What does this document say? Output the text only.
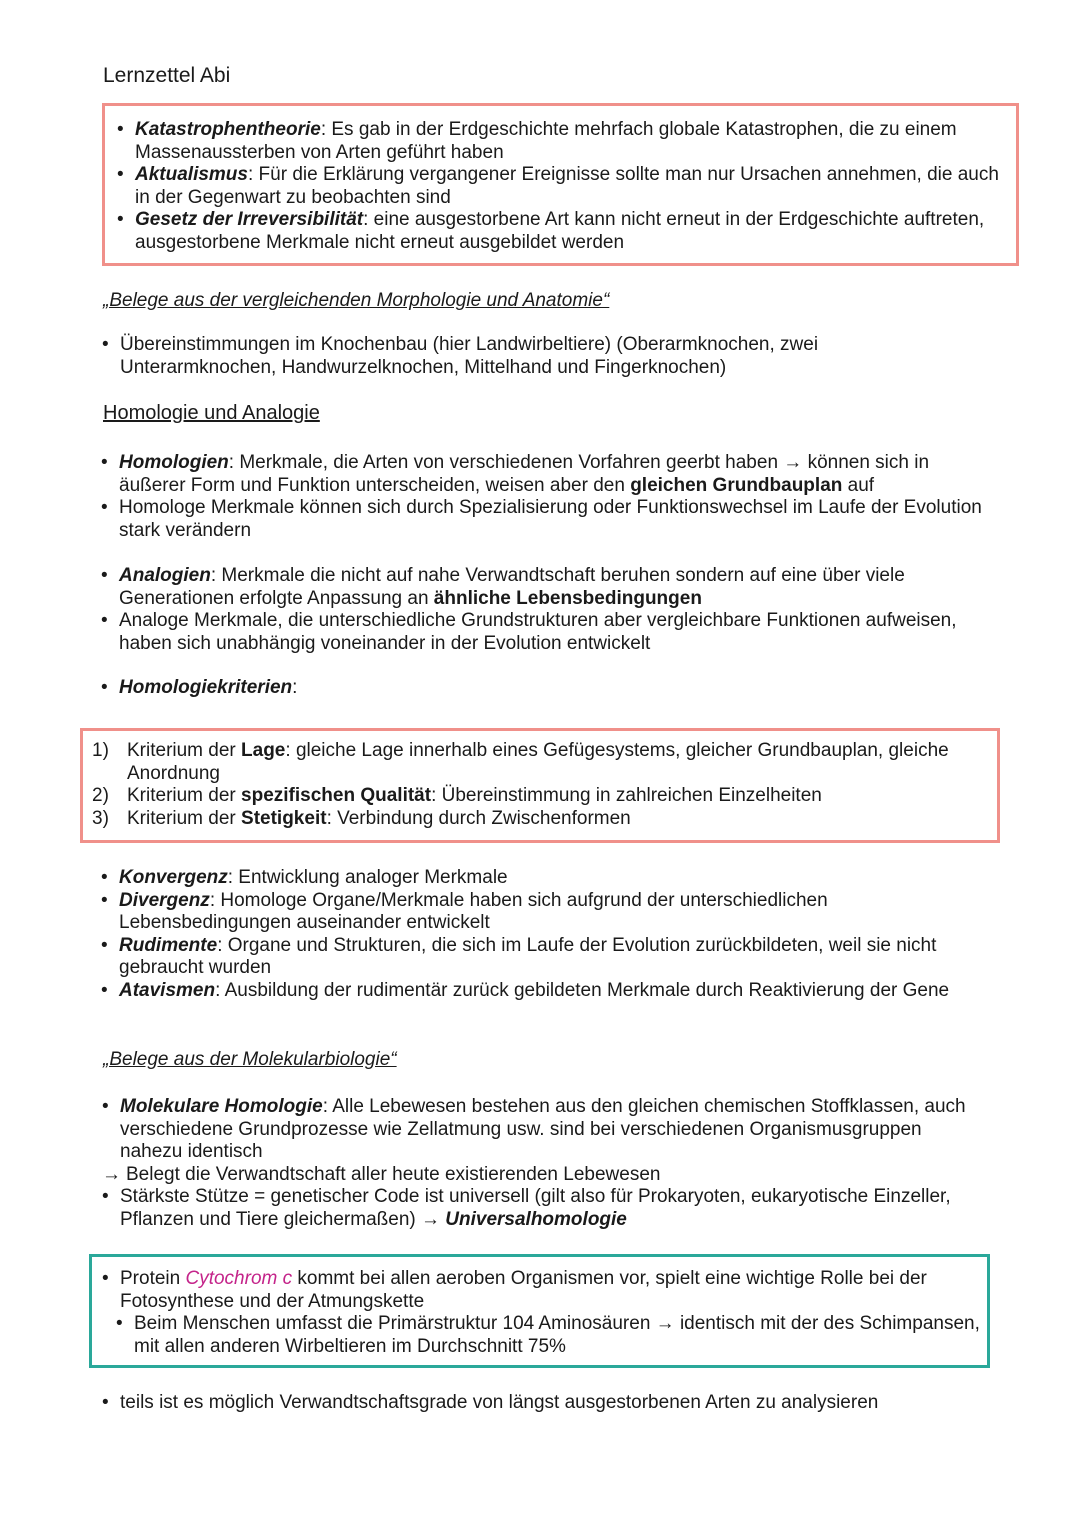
Lernzettel Abi
• Katastrophentheorie: Es gab in der Erdgeschichte mehrfach globale Katastrophen, die zu einem Massenaussterben von Arten geführt haben
• Aktualismus: Für die Erklärung vergangener Ereignisse sollte man nur Ursachen annehmen, die auch in der Gegenwart zu beobachten sind
• Gesetz der Irreversibilität: eine ausgestorbene Art kann nicht erneut in der Erdgeschichte auftreten, ausgestorbene Merkmale nicht erneut ausgebildet werden
„Belege aus der vergleichenden Morphologie und Anatomie“
• Übereinstimmungen im Knochenbau (hier Landwirbeltiere) (Oberarmknochen, zwei Unterarmknochen, Handwurzelknochen, Mittelhand und Fingerknochen)
Homologie und Analogie
• Homologien: Merkmale, die Arten von verschiedenen Vorfahren geerbt haben → können sich in äußerer Form und Funktion unterscheiden, weisen aber den gleichen Grundbauplan auf
• Homologe Merkmale können sich durch Spezialisierung oder Funktionswechsel im Laufe der Evolution stark verändern
• Analogien: Merkmale die nicht auf nahe Verwandtschaft beruhen sondern auf eine über viele Generationen erfolgte Anpassung an ähnliche Lebensbedingungen
• Analoge Merkmale, die unterschiedliche Grundstrukturen aber vergleichbare Funktionen aufweisen, haben sich unabhängig voneinander in der Evolution entwickelt
• Homologiekriterien:
1) Kriterium der Lage: gleiche Lage innerhalb eines Gefügesystems, gleicher Grundbauplan, gleiche Anordnung
2) Kriterium der spezifischen Qualität: Übereinstimmung in zahlreichen Einzelheiten
3) Kriterium der Stetigkeit: Verbindung durch Zwischenformen
• Konvergenz: Entwicklung analoger Merkmale
• Divergenz: Homologe Organe/Merkmale haben sich aufgrund der unterschiedlichen Lebensbedingungen auseinander entwickelt
• Rudimente: Organe und Strukturen, die sich im Laufe der Evolution zurückbildeten, weil sie nicht gebraucht wurden
• Atavismen: Ausbildung der rudimentär zurück gebildeten Merkmale durch Reaktivierung der Gene
„Belege aus der Molekularbiologie“
• Molekulare Homologie: Alle Lebewesen bestehen aus den gleichen chemischen Stoffklassen, auch verschiedene Grundprozesse wie Zellatmung usw. sind bei verschiedenen Organismusgruppen nahezu identisch
→ Belegt die Verwandtschaft aller heute existierenden Lebewesen
• Stärkste Stütze = genetischer Code ist universell (gilt also für Prokaryoten, eukaryotische Einzeller, Pflanzen und Tiere gleichermaßen) → Universalhomologie
• Protein Cytochrom c kommt bei allen aeroben Organismen vor, spielt eine wichtige Rolle bei der Fotosynthese und der Atmungskette
• Beim Menschen umfasst die Primärstruktur 104 Aminosäuren → identisch mit der des Schimpansen, mit allen anderen Wirbeltieren im Durchschnitt 75%
• teils ist es möglich Verwandtschaftsgrade von längst ausgestorbenen Arten zu analysieren
